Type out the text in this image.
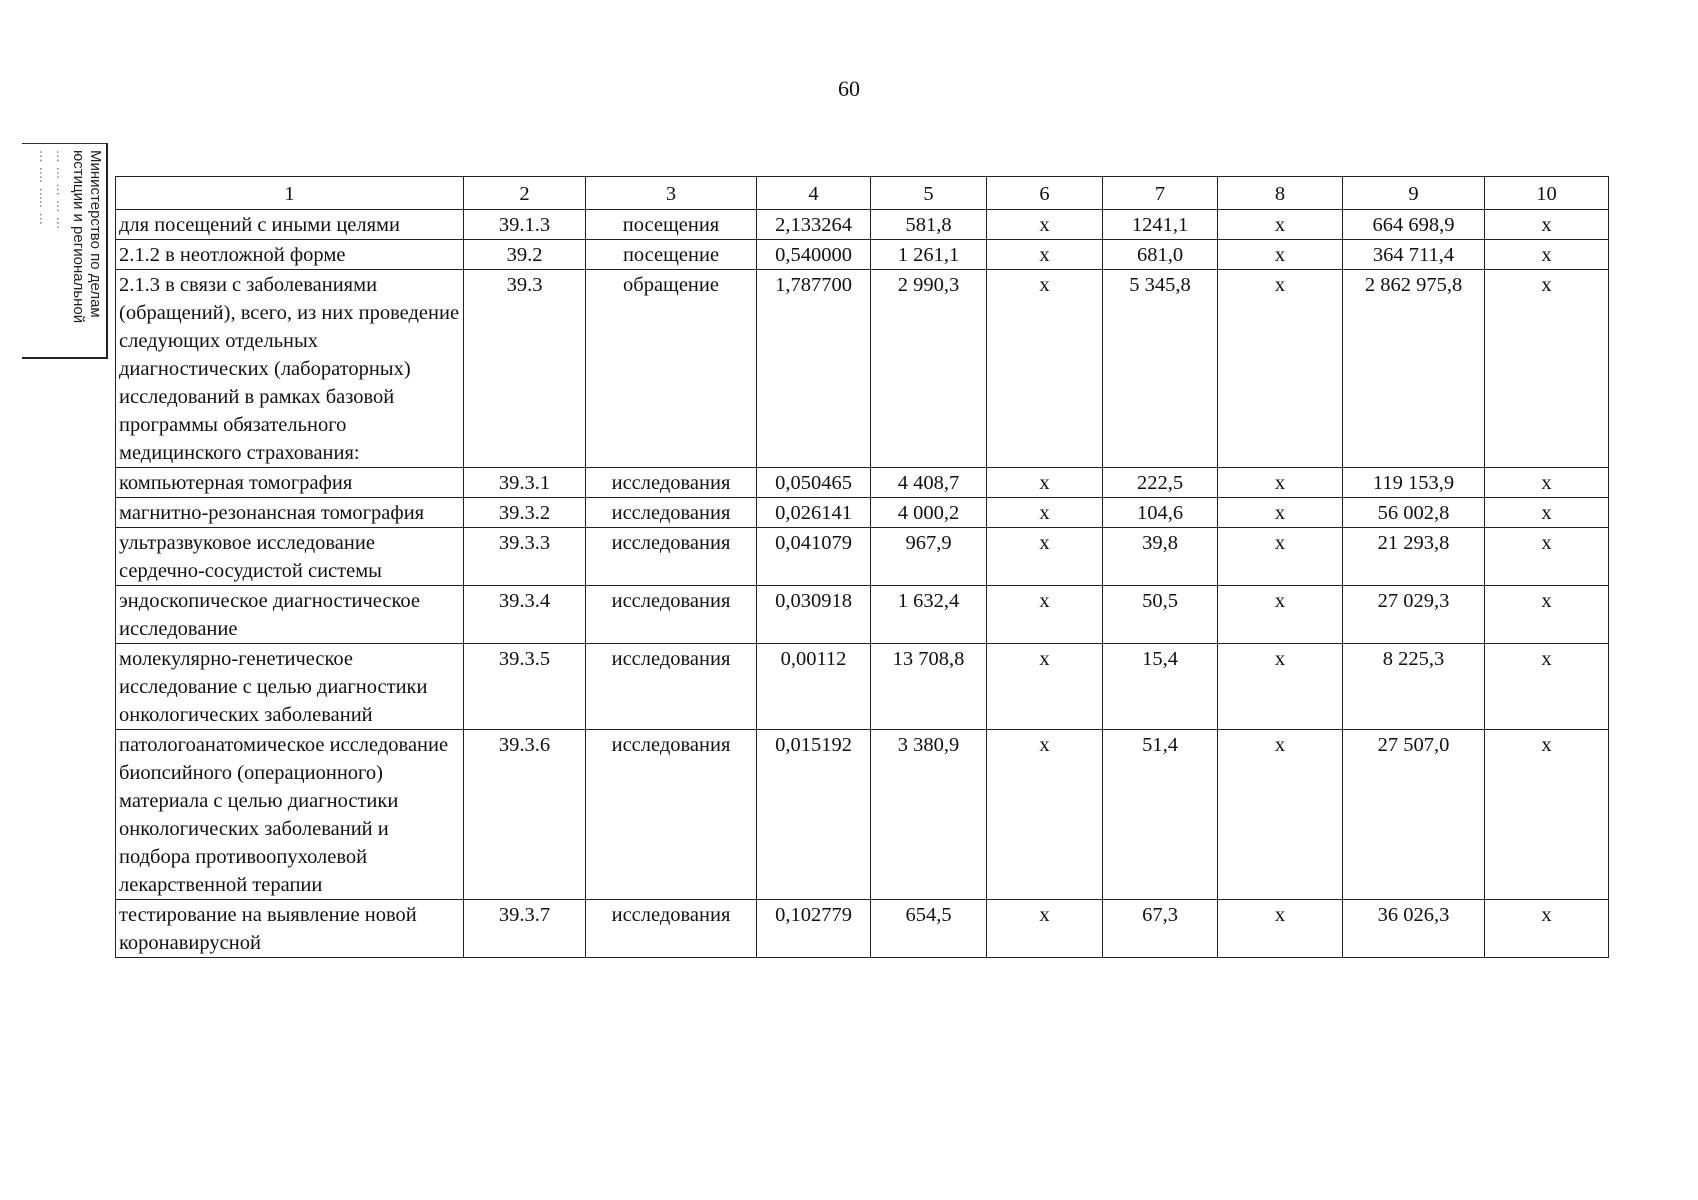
60
Министерство по делам
юстиции и региональной
... ... ... ... ...
... .... ..... ...	1	2	3	4	5	6	7	8	9	10
для посещений с иными целями	39.1.3	посещения	2,133264	581,8	х	1241,1	х	664 698,9	х
2.1.2 в неотложной форме	39.2	посещение	0,540000	1 261,1	х	681,0	х	364 711,4	х
2.1.3 в связи с заболеваниями (обращений), всего, из них проведение следующих отдельных диагностических (лабораторных) исследований в рамках базовой программы обязательного медицинского страхования:	39.3	обращение	1,787700	2 990,3	х	5 345,8	х	2 862 975,8	х
компьютерная томография	39.3.1	исследования	0,050465	4 408,7	х	222,5	х	119 153,9	х
магнитно-резонансная томография	39.3.2	исследования	0,026141	4 000,2	х	104,6	х	56 002,8	х
ультразвуковое исследование сердечно-сосудистой системы	39.3.3	исследования	0,041079	967,9	х	39,8	х	21 293,8	х
эндоскопическое диагностическое исследование	39.3.4	исследования	0,030918	1 632,4	х	50,5	х	27 029,3	х
молекулярно-генетическое исследование с целью диагностики онкологических заболеваний	39.3.5	исследования	0,00112	13 708,8	х	15,4	х	8 225,3	х
патологоанатомическое исследование биопсийного (операционного) материала с целью диагностики онкологических заболеваний и подбора противоопухолевой лекарственной терапии	39.3.6	исследования	0,015192	3 380,9	х	51,4	х	27 507,0	х
тестирование на выявление новой коронавирусной	39.3.7	исследования	0,102779	654,5	х	67,3	х	36 026,3	х
